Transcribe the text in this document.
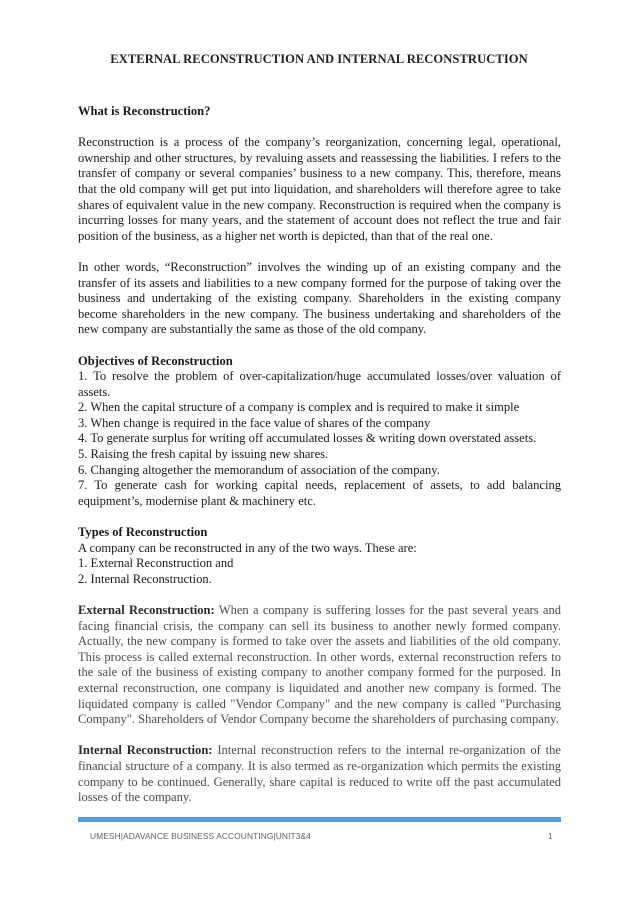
EXTERNAL RECONSTRUCTION AND INTERNAL RECONSTRUCTION

What is Reconstruction?

Reconstruction is a process of the company’s reorganization, concerning legal, operational, ownership and other structures, by revaluing assets and reassessing the liabilities. I refers to the transfer of company or several companies’ business to a new company. This, therefore, means that the old company will get put into liquidation, and shareholders will therefore agree to take shares of equivalent value in the new company. Reconstruction is required when the company is incurring losses for many years, and the statement of account does not reflect the true and fair position of the business, as a higher net worth is depicted, than that of the real one.

In other words, “Reconstruction” involves the winding up of an existing company and the transfer of its assets and liabilities to a new company formed for the purpose of taking over the business and undertaking of the existing company. Shareholders in the existing company become shareholders in the new company. The business undertaking and shareholders of the new company are substantially the same as those of the old company.

Objectives of Reconstruction

1. To resolve the problem of over-capitalization/huge accumulated losses/over valuation of assets.

2. When the capital structure of a company is complex and is required to make it simple

3. When change is required in the face value of shares of the company

4. To generate surplus for writing off accumulated losses & writing down overstated assets.

5. Raising the fresh capital by issuing new shares.

6. Changing altogether the memorandum of association of the company.

7. To generate cash for working capital needs, replacement of assets, to add balancing equipment’s, modernise plant & machinery etc.

Types of Reconstruction

A company can be reconstructed in any of the two ways. These are:

1. External Reconstruction and

2. Internal Reconstruction.

External Reconstruction: When a company is suffering losses for the past several years and facing financial crisis, the company can sell its business to another newly formed company. Actually, the new company is formed to take over the assets and liabilities of the old company. This process is called external reconstruction. In other words, external reconstruction refers to the sale of the business of existing company to another company formed for the purposed. In external reconstruction, one company is liquidated and another new company is formed. The liquidated company is called "Vendor Company" and the new company is called "Purchasing Company". Shareholders of Vendor Company become the shareholders of purchasing company.

Internal Reconstruction: Internal reconstruction refers to the internal re-organization of the financial structure of a company. It is also termed as re-organization which permits the existing company to be continued. Generally, share capital is reduced to write off the past accumulated losses of the company.

UMESH|ADAVANCE BUSINESS ACCOUNTING|UNIT3&4	1
